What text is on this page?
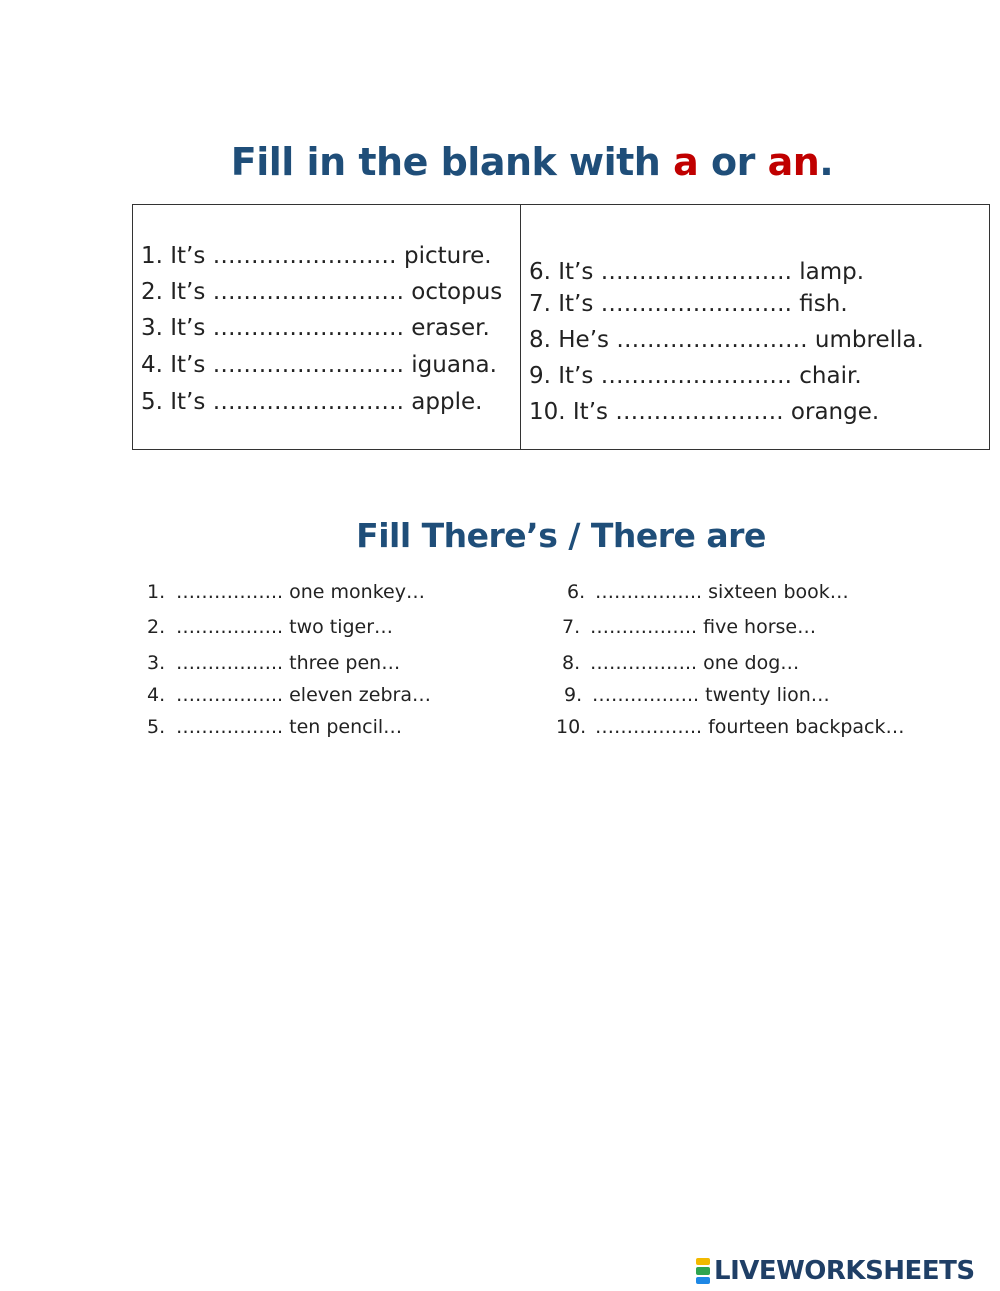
Fill in the blank with a or an.
1. It’s …………………… picture.
2. It’s ……………………. octopus
3. It’s ……………………. eraser.
4. It’s ……………………. iguana.
5. It’s ……………………. apple.
6. It’s ……………………. lamp.
7. It’s ……………………. fish.
8. He’s ……………………. umbrella.
9. It’s ……………………. chair.
10. It’s …………………. orange.
Fill There’s / There are
1. …………….. one monkey…
2. …………….. two tiger…
3. …………….. three pen…
4. …………….. eleven zebra…
5. …………….. ten pencil…
6. …………….. sixteen book…
7. …………….. five horse…
8. …………….. one dog…
9. …………….. twenty lion…
10. …………….. fourteen backpack…
LIVEWORKSHEETS
